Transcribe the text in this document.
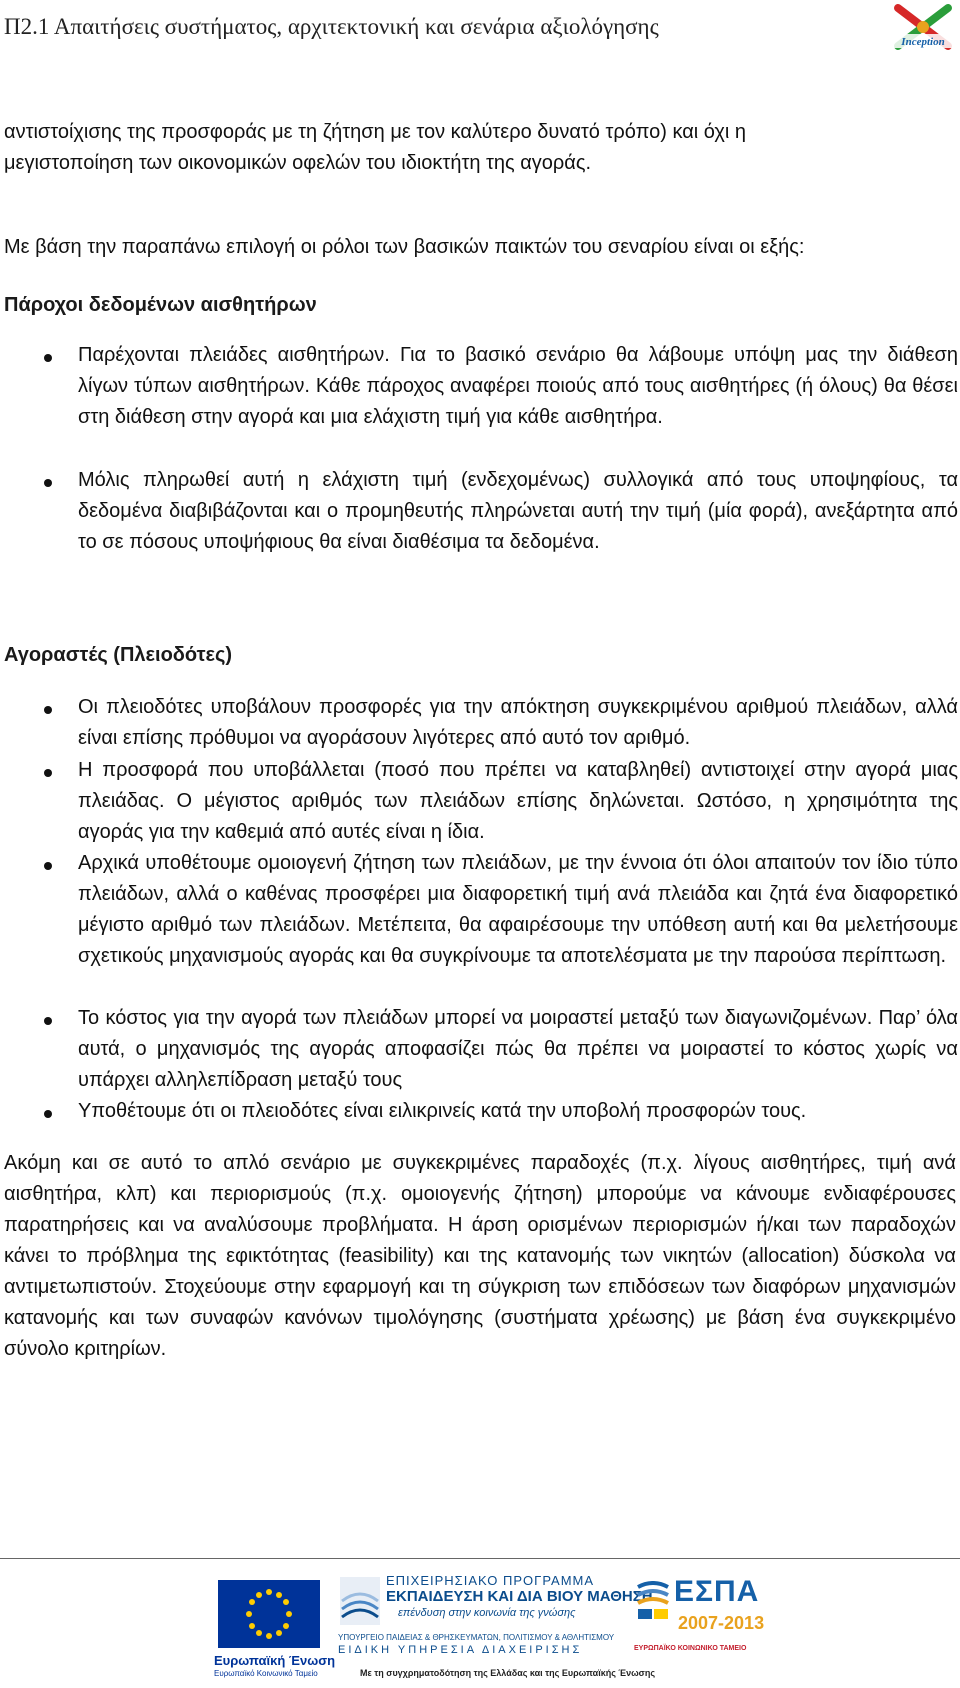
Π2.1 Απαιτήσεις συστήματος, αρχιτεκτονική και σενάρια αξιολόγησης
Inception

αντιστοίχισης της προσφοράς με τη ζήτηση με τον καλύτερο δυνατό τρόπο) και όχι η

μεγιστοποίηση των οικονομικών οφελών του ιδιοκτήτη της αγοράς.

Με βάση την παραπάνω επιλογή οι ρόλοι των βασικών παικτών του σεναρίου είναι οι εξής:

Πάροχοι δεδομένων αισθητήρων

Παρέχονται πλειάδες αισθητήρων. Για το βασικό σενάριο θα λάβουμε υπόψη μας την διάθεση λίγων τύπων αισθητήρων. Κάθε πάροχος αναφέρει ποιούς από τους αισθητήρες (ή όλους) θα θέσει στη διάθεση στην αγορά και μια ελάχιστη τιμή για κάθε αισθητήρα.

Μόλις πληρωθεί αυτή η ελάχιστη τιμή (ενδεχομένως) συλλογικά από τους υποψηφίους, τα δεδομένα διαβιβάζονται και ο προμηθευτής πληρώνεται αυτή την τιμή (μία φορά), ανεξάρτητα από το σε πόσους υποψήφιους θα είναι διαθέσιμα τα δεδομένα.

Αγοραστές (Πλειοδότες)

Οι πλειοδότες υποβάλουν προσφορές για την απόκτηση συγκεκριμένου αριθμού πλειάδων, αλλά είναι επίσης πρόθυμοι να αγοράσουν λιγότερες από αυτό τον αριθμό.

Η προσφορά που υποβάλλεται (ποσό που πρέπει να καταβληθεί) αντιστοιχεί στην αγορά μιας πλειάδας. Ο μέγιστος αριθμός των πλειάδων επίσης δηλώνεται. Ωστόσο, η χρησιμότητα της αγοράς για την καθεμιά από αυτές είναι η ίδια.

Αρχικά υποθέτουμε ομοιογενή ζήτηση των πλειάδων, με την έννοια ότι όλοι απαιτούν τον ίδιο τύπο πλειάδων, αλλά ο καθένας προσφέρει μια διαφορετική τιμή ανά πλειάδα και ζητά ένα διαφορετικό μέγιστο αριθμό των πλειάδων. Μετέπειτα, θα αφαιρέσουμε την υπόθεση αυτή και θα μελετήσουμε σχετικούς μηχανισμούς αγοράς και θα συγκρίνουμε τα αποτελέσματα με την παρούσα περίπτωση.

Το κόστος για την αγορά των πλειάδων μπορεί να μοιραστεί μεταξύ των διαγωνιζομένων. Παρ’ όλα αυτά, ο μηχανισμός της αγοράς αποφασίζει πώς θα πρέπει να μοιραστεί το κόστος χωρίς να υπάρχει αλληλεπίδραση μεταξύ τους

Υποθέτουμε ότι οι πλειοδότες είναι ειλικρινείς κατά την υποβολή προσφορών τους.

Ακόμη και σε αυτό το απλό σενάριο με συγκεκριμένες παραδοχές (π.χ. λίγους αισθητήρες, τιμή ανά αισθητήρα, κλπ) και περιορισμούς (π.χ. ομοιογενής ζήτηση) μπορούμε να κάνουμε ενδιαφέρουσες παρατηρήσεις και να αναλύσουμε προβλήματα. Η άρση ορισμένων περιορισμών ή/και των παραδοχών κάνει το πρόβλημα της εφικτότητας (feasibility) και της κατανομής των νικητών (allocation) δύσκολα να αντιμετωπιστούν. Στοχεύουμε στην εφαρμογή και τη σύγκριση των επιδόσεων των διαφόρων μηχανισμών κατανομής και των συναφών κανόνων τιμολόγησης (συστήματα χρέωσης) με βάση ένα συγκεκριμένο σύνολο κριτηρίων.

Ευρωπαϊκή Ένωση
Ευρωπαϊκό Κοινωνικό Ταμείο
ΕΠΙΧΕΙΡΗΣΙΑΚΟ ΠΡΟΓΡΑΜΜΑ
ΕΚΠΑΙΔΕΥΣΗ ΚΑΙ ΔΙΑ ΒΙΟΥ ΜΑΘΗΣΗ
επένδυση στην κοινωνία της γνώσης
ΥΠΟΥΡΓΕΙΟ ΠΑΙΔΕΙΑΣ & ΘΡΗΣΚΕΥΜΑΤΩΝ, ΠΟΛΙΤΙΣΜΟΥ & ΑΘΛΗΤΙΣΜΟΥ
ΕΙΔΙΚΗ ΥΠΗΡΕΣΙΑ ΔΙΑΧΕΙΡΙΣΗΣ
Με τη συγχρηματοδότηση της Ελλάδας και της Ευρωπαϊκής Ένωσης
ΕΣΠΑ
2007-2013
ΕΥΡΩΠΑΪΚΟ ΚΟΙΝΩΝΙΚΟ ΤΑΜΕΙΟ
